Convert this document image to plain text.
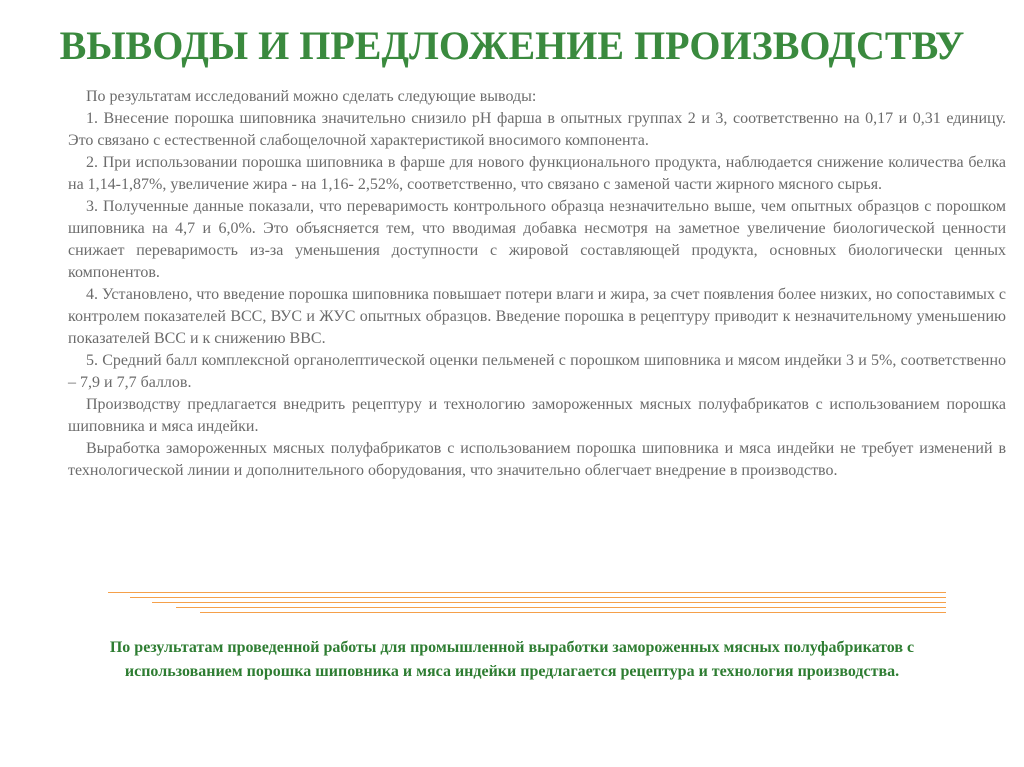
ВЫВОДЫ И ПРЕДЛОЖЕНИЕ ПРОИЗВОДСТВУ

По результатам исследований можно сделать следующие выводы:

1. Внесение порошка шиповника значительно снизило рН фарша в опытных группах 2 и 3, соответственно на 0,17 и 0,31 единицу. Это связано с естественной слабощелочной характеристикой вносимого компонента.

2. При использовании порошка шиповника в фарше для нового функционального продукта, наблюдается снижение количества белка на 1,14-1,87%, увеличение жира - на 1,16- 2,52%, соответственно, что связано с заменой части жирного мясного сырья.

3. Полученные данные показали, что переваримость контрольного образца незначительно выше, чем опытных образцов с порошком шиповника на 4,7 и 6,0%. Это объясняется тем, что вводимая добавка несмотря на заметное увеличение биологической ценности снижает переваримость из-за уменьшения доступности с жировой составляющей продукта, основных биологически ценных компонентов.

4. Установлено, что введение порошка шиповника повышает потери влаги и жира, за счет появления более низких, но сопоставимых с контролем показателей ВСС, ВУС и ЖУС опытных образцов. Введение порошка в рецептуру приводит к незначительному уменьшению показателей ВСС и к снижению ВВС.

5. Средний балл комплексной органолептической оценки пельменей с порошком шиповника и мясом индейки 3 и 5%, соответственно – 7,9 и 7,7 баллов.

Производству предлагается внедрить рецептуру и технологию замороженных мясных полуфабрикатов с использованием порошка шиповника и мяса индейки.

Выработка замороженных мясных полуфабрикатов с использованием порошка шиповника и мяса индейки не требует изменений в технологической линии и дополнительного оборудования, что значительно облегчает внедрение в производство.

По результатам проведенной работы для промышленной выработки замороженных мясных полуфабрикатов с использованием порошка шиповника и мяса индейки предлагается рецептура и технология производства.
